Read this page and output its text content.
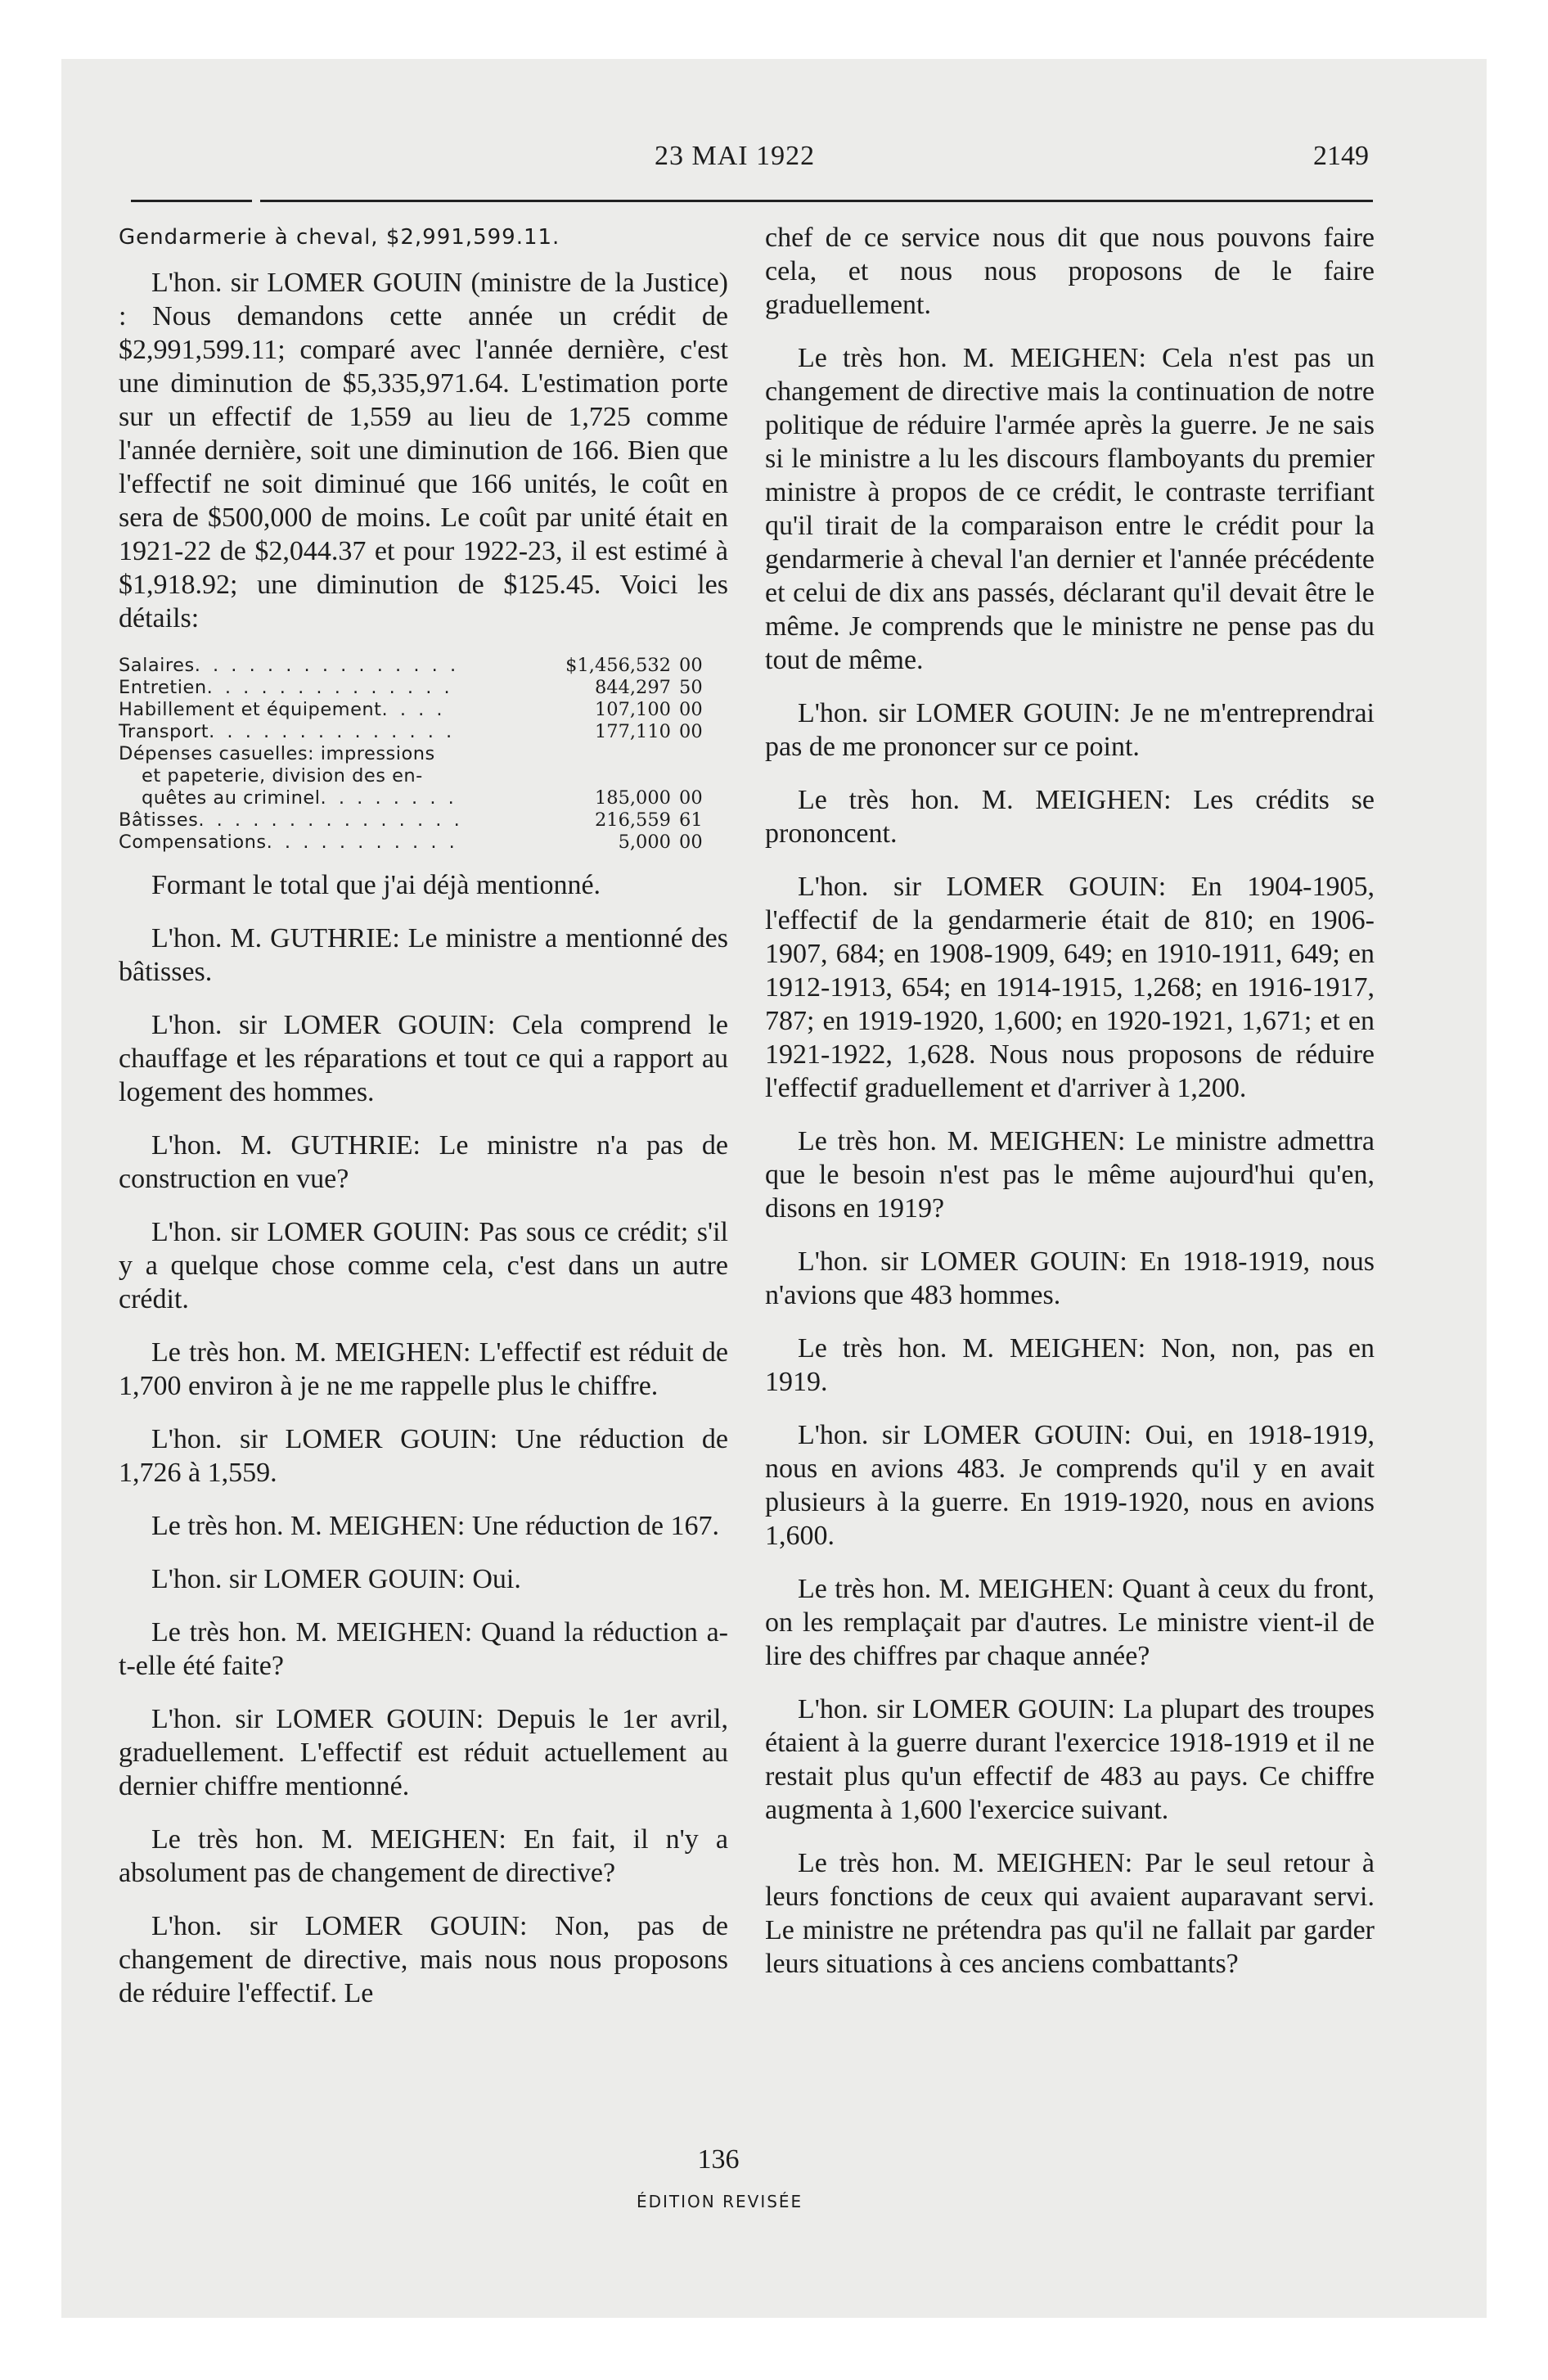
23 MAI 1922	2149

Gendarmerie à cheval, $2,991,599.11.

L'hon. sir LOMER GOUIN (ministre de la Justice) : Nous demandons cette année un crédit de $2,991,599.11; comparé avec l'année dernière, c'est une diminution de $5,335,971.64. L'estimation porte sur un effectif de 1,559 au lieu de 1,725 comme l'année dernière, soit une diminution de 166. Bien que l'effectif ne soit diminué que 166 unités, le coût en sera de $500,000 de moins. Le coût par unité était en 1921-22 de $2,044.37 et pour 1922-23, il est estimé à $1,918.92; une diminution de $125.45. Voici les détails:

Salaires. . . . . . . . . . . . . . .	$1,456,532	00
Entretien. . . . . . . . . . . . . .	844,297	50
Habillement et équipement. . . .	107,100	00
Transport. . . . . . . . . . . . . .	177,110	00
Dépenses casuelles: impressions		
et papeterie, division des en-		
quêtes au criminel. . . . . . . .	185,000	00
Bâtisses. . . . . . . . . . . . . . .	216,559	61
Compensations. . . . . . . . . . .	5,000	00

Formant le total que j'ai déjà mentionné.

L'hon. M. GUTHRIE: Le ministre a mentionné des bâtisses.

L'hon. sir LOMER GOUIN: Cela comprend le chauffage et les réparations et tout ce qui a rapport au logement des hommes.

L'hon. M. GUTHRIE: Le ministre n'a pas de construction en vue?

L'hon. sir LOMER GOUIN: Pas sous ce crédit; s'il y a quelque chose comme cela, c'est dans un autre crédit.

Le très hon. M. MEIGHEN: L'effectif est réduit de 1,700 environ à je ne me rappelle plus le chiffre.

L'hon. sir LOMER GOUIN: Une réduction de 1,726 à 1,559.

Le très hon. M. MEIGHEN: Une réduction de 167.

L'hon. sir LOMER GOUIN: Oui.

Le très hon. M. MEIGHEN: Quand la réduction a-t-elle été faite?

L'hon. sir LOMER GOUIN: Depuis le 1er avril, graduellement. L'effectif est réduit actuellement au dernier chiffre mentionné.

Le très hon. M. MEIGHEN: En fait, il n'y a absolument pas de changement de directive?

L'hon. sir LOMER GOUIN: Non, pas de changement de directive, mais nous nous proposons de réduire l'effectif. Le

chef de ce service nous dit que nous pouvons faire cela, et nous nous proposons de le faire graduellement.

Le très hon. M. MEIGHEN: Cela n'est pas un changement de directive mais la continuation de notre politique de réduire l'armée après la guerre. Je ne sais si le ministre a lu les discours flamboyants du premier ministre à propos de ce crédit, le contraste terrifiant qu'il tirait de la comparaison entre le crédit pour la gendarmerie à cheval l'an dernier et l'année précédente et celui de dix ans passés, déclarant qu'il devait être le même. Je comprends que le ministre ne pense pas du tout de même.

L'hon. sir LOMER GOUIN: Je ne m'entreprendrai pas de me prononcer sur ce point.

Le très hon. M. MEIGHEN: Les crédits se prononcent.

L'hon. sir LOMER GOUIN: En 1904-1905, l'effectif de la gendarmerie était de 810; en 1906-1907, 684; en 1908-1909, 649; en 1910-1911, 649; en 1912-1913, 654; en 1914-1915, 1,268; en 1916-1917, 787; en 1919-1920, 1,600; en 1920-1921, 1,671; et en 1921-1922, 1,628. Nous nous proposons de réduire l'effectif graduellement et d'arriver à 1,200.

Le très hon. M. MEIGHEN: Le ministre admettra que le besoin n'est pas le même aujourd'hui qu'en, disons en 1919?

L'hon. sir LOMER GOUIN: En 1918-1919, nous n'avions que 483 hommes.

Le très hon. M. MEIGHEN: Non, non, pas en 1919.

L'hon. sir LOMER GOUIN: Oui, en 1918-1919, nous en avions 483. Je comprends qu'il y en avait plusieurs à la guerre. En 1919-1920, nous en avions 1,600.

Le très hon. M. MEIGHEN: Quant à ceux du front, on les remplaçait par d'autres. Le ministre vient-il de lire des chiffres par chaque année?

L'hon. sir LOMER GOUIN: La plupart des troupes étaient à la guerre durant l'exercice 1918-1919 et il ne restait plus qu'un effectif de 483 au pays. Ce chiffre augmenta à 1,600 l'exercice suivant.

Le très hon. M. MEIGHEN: Par le seul retour à leurs fonctions de ceux qui avaient auparavant servi. Le ministre ne prétendra pas qu'il ne fallait par garder leurs situations à ces anciens combattants?

136
ÉDITION REVISÉE
